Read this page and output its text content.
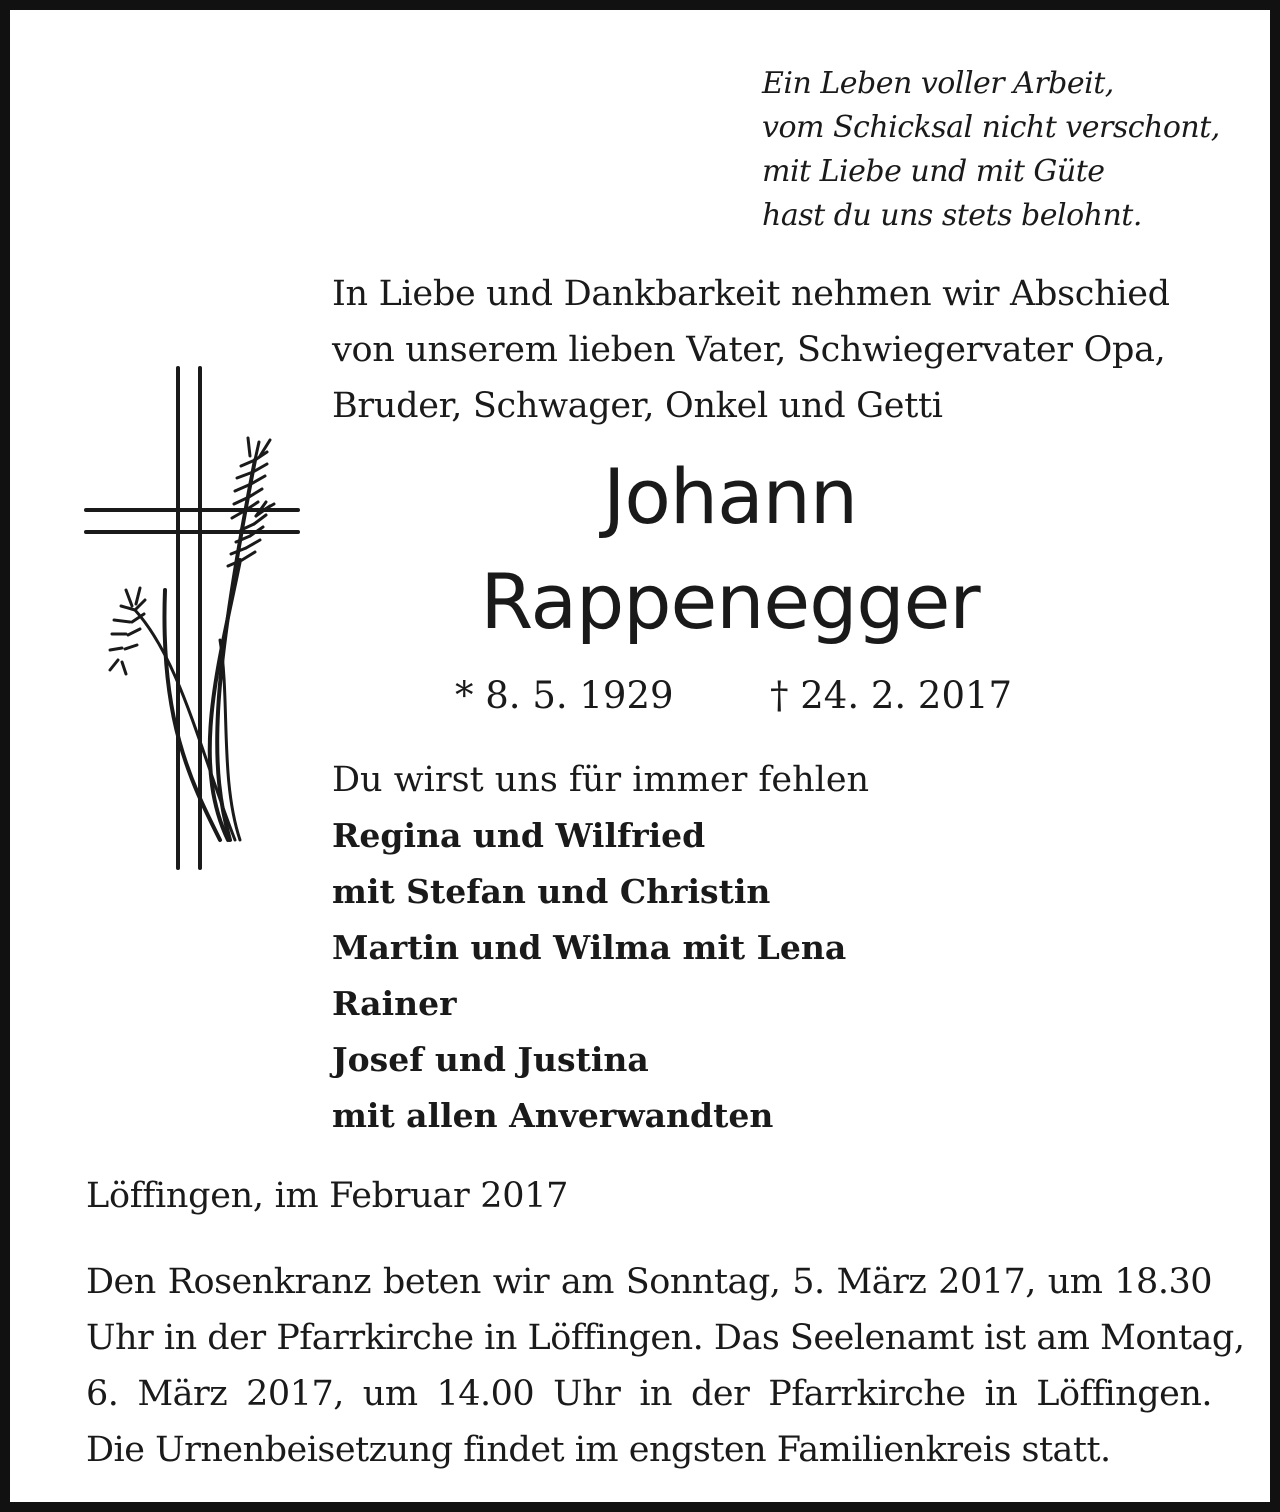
Ein Leben voller Arbeit,
vom Schicksal nicht verschont,
mit Liebe und mit Güte
hast du uns stets belohnt.
In Liebe und Dankbarkeit nehmen wir Abschied
von unserem lieben Vater, Schwiegervater Opa,
Bruder, Schwager, Onkel und Getti
Johann
Rappenegger
* 8. 5. 1929	† 24. 2. 2017
Du wirst uns für immer fehlen
Regina und Wilfried
mit Stefan und Christin
Martin und Wilma mit Lena
Rainer
Josef und Justina
mit allen Anverwandten
Löffingen, im Februar 2017
Den Rosenkranz beten wir am Sonntag, 5. März 2017, um 18.30
Uhr in der Pfarrkirche in Löffingen. Das Seelenamt ist am Montag,
6. März 2017, um 14.00 Uhr in der Pfarrkirche in Löffingen.
Die Urnenbeisetzung findet im engsten Familienkreis statt.
